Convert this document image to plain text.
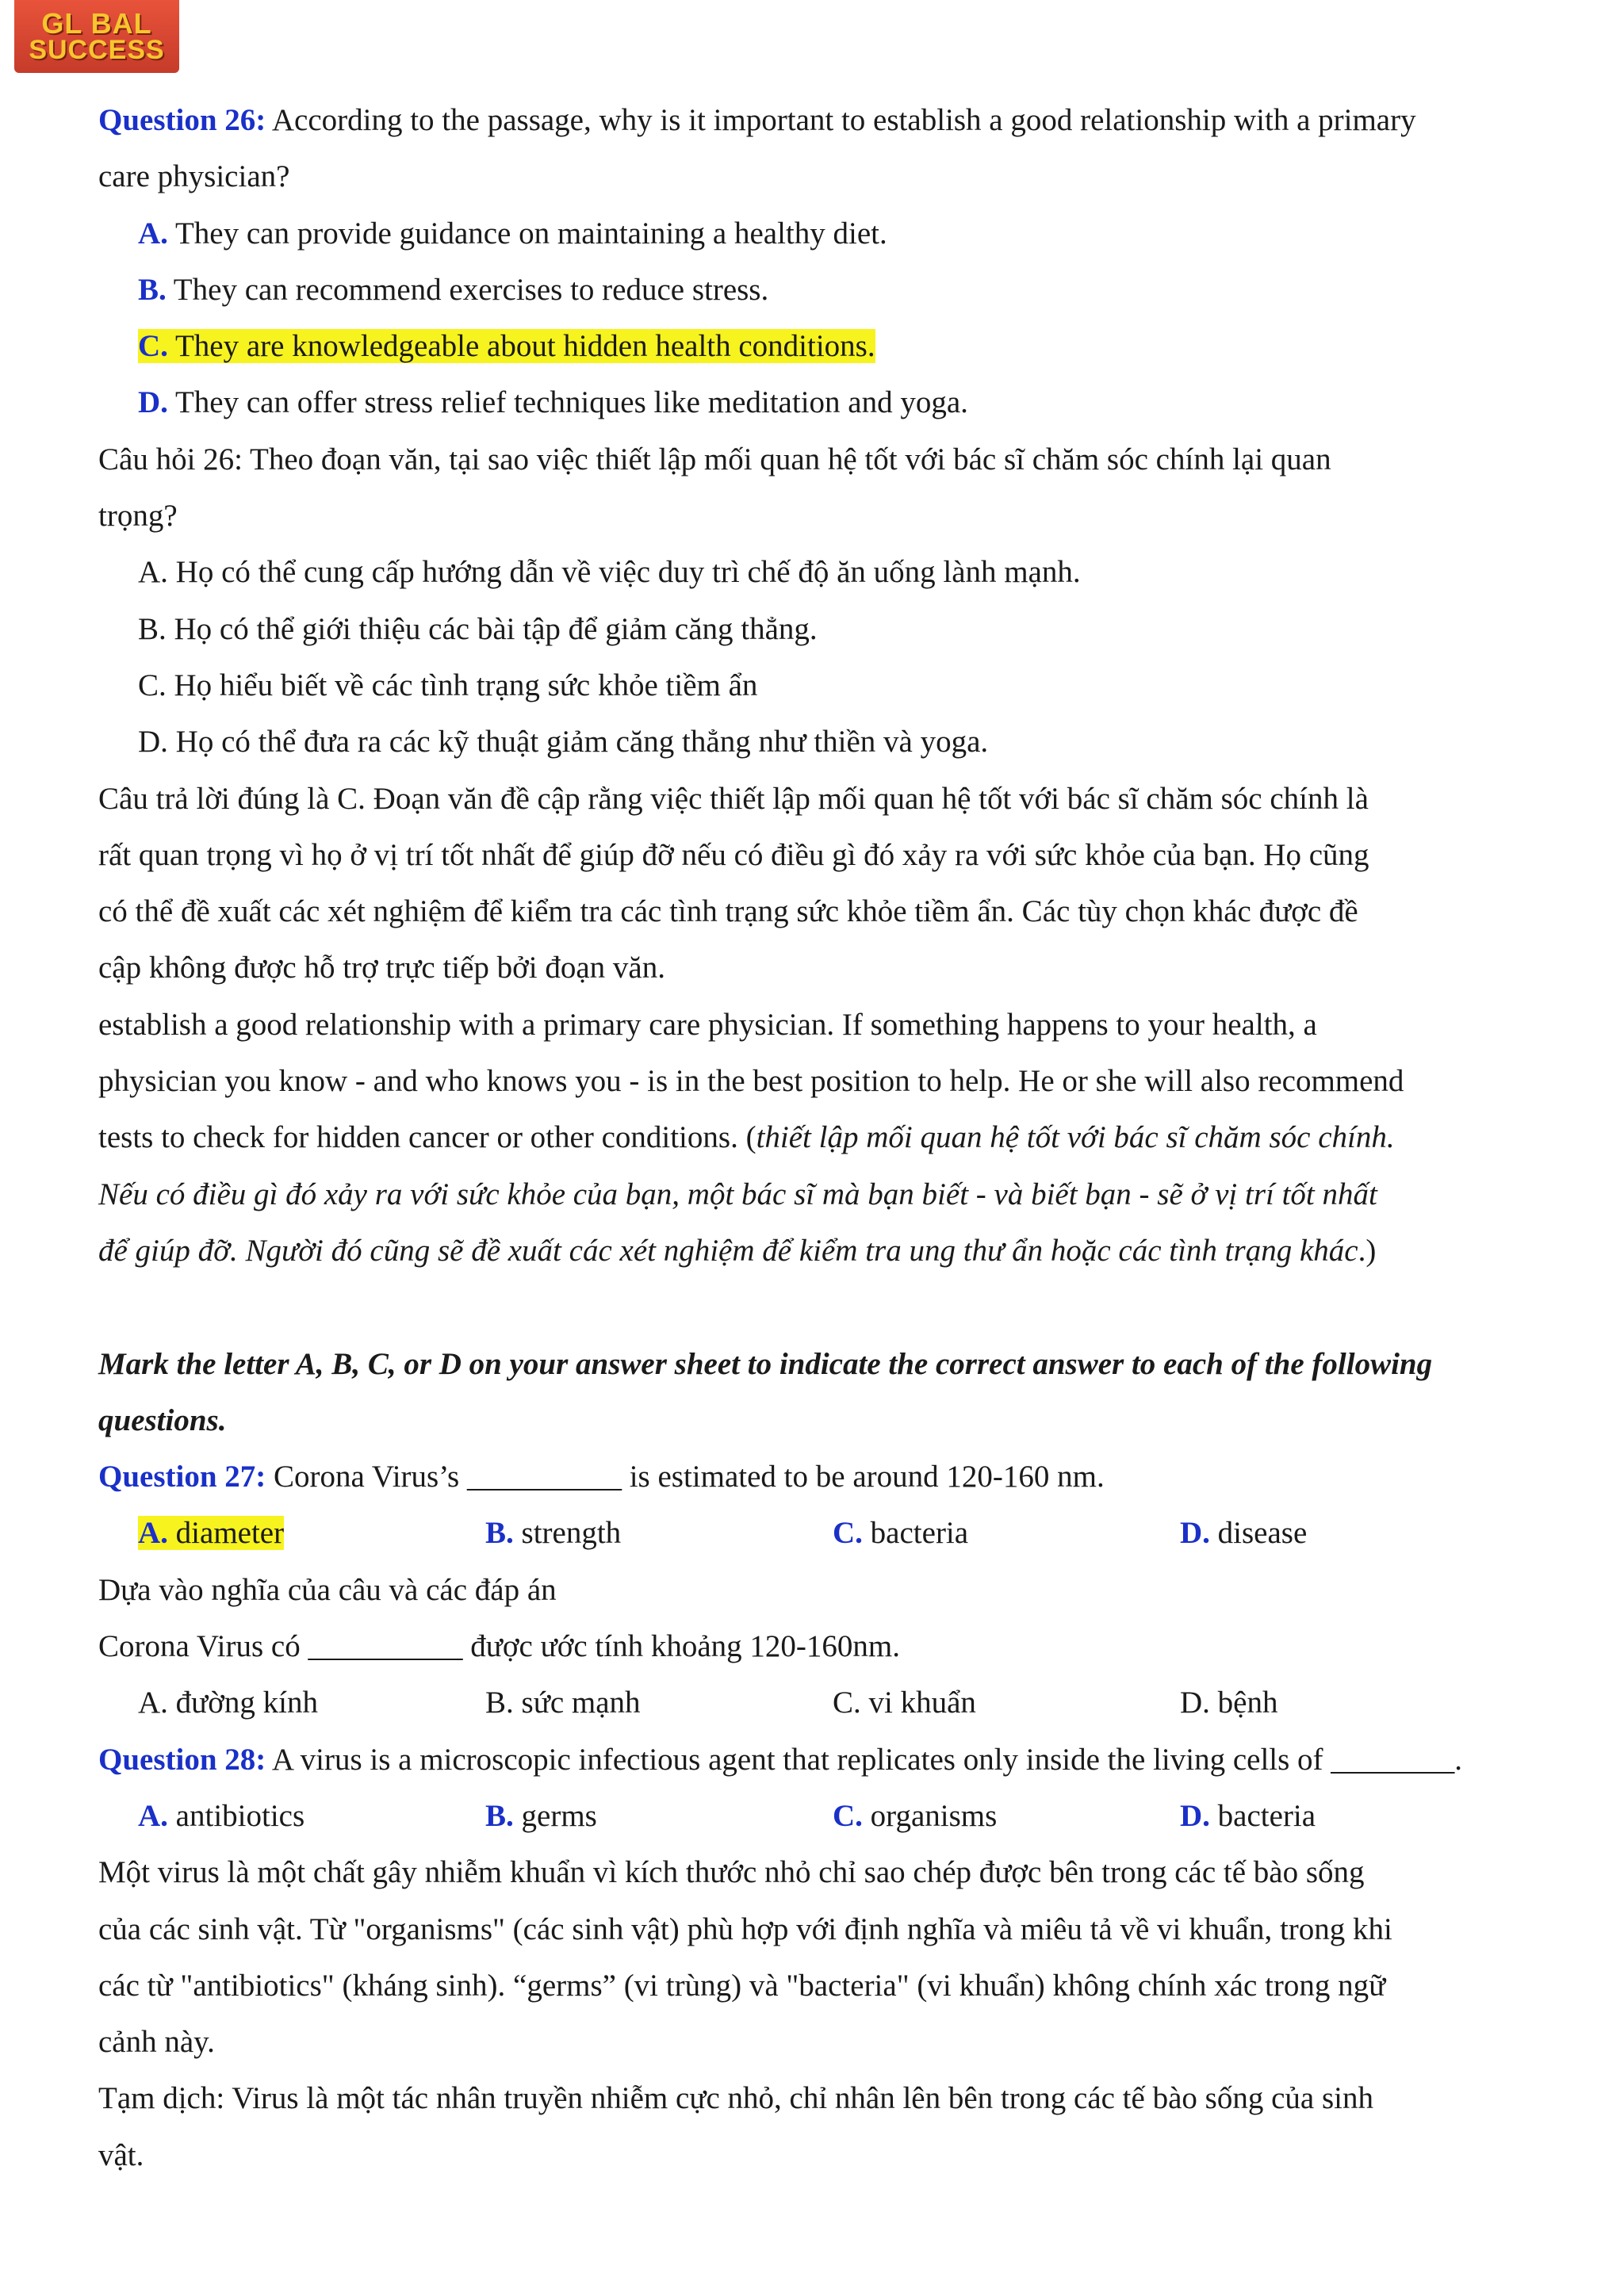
GL BAL
SUCCESS
Question 26: According to the passage, why is it important to establish a good relationship with a primary
care physician?
A. They can provide guidance on maintaining a healthy diet.
B. They can recommend exercises to reduce stress.
C. They are knowledgeable about hidden health conditions.
D. They can offer stress relief techniques like meditation and yoga.
Câu hỏi 26: Theo đoạn văn, tại sao việc thiết lập mối quan hệ tốt với bác sĩ chăm sóc chính lại quan
trọng?
A. Họ có thể cung cấp hướng dẫn về việc duy trì chế độ ăn uống lành mạnh.
B. Họ có thể giới thiệu các bài tập để giảm căng thẳng.
C. Họ hiểu biết về các tình trạng sức khỏe tiềm ẩn
D. Họ có thể đưa ra các kỹ thuật giảm căng thẳng như thiền và yoga.
Câu trả lời đúng là C. Đoạn văn đề cập rằng việc thiết lập mối quan hệ tốt với bác sĩ chăm sóc chính là
rất quan trọng vì họ ở vị trí tốt nhất để giúp đỡ nếu có điều gì đó xảy ra với sức khỏe của bạn. Họ cũng
có thể đề xuất các xét nghiệm để kiểm tra các tình trạng sức khỏe tiềm ẩn. Các tùy chọn khác được đề
cập không được hỗ trợ trực tiếp bởi đoạn văn.
establish a good relationship with a primary care physician. If something happens to your health, a
physician you know - and who knows you - is in the best position to help. He or she will also recommend
tests to check for hidden cancer or other conditions. (thiết lập mối quan hệ tốt với bác sĩ chăm sóc chính.
Nếu có điều gì đó xảy ra với sức khỏe của bạn, một bác sĩ mà bạn biết - và biết bạn - sẽ ở vị trí tốt nhất
để giúp đỡ. Người đó cũng sẽ đề xuất các xét nghiệm để kiểm tra ung thư ẩn hoặc các tình trạng khác.)
Mark the letter A, B, C, or D on your answer sheet to indicate the correct answer to each of the following
questions.
Question 27: Corona Virus’s __________ is estimated to be around 120-160 nm.
A. diameter	B. strength	C. bacteria	D. disease
Dựa vào nghĩa của câu và các đáp án
Corona Virus có __________ được ước tính khoảng 120-160nm.
A. đường kính	B. sức mạnh	C. vi khuẩn	D. bệnh
Question 28: A virus is a microscopic infectious agent that replicates only inside the living cells of ________.
A. antibiotics	B. germs	C. organisms	D. bacteria
Một virus là một chất gây nhiễm khuẩn vì kích thước nhỏ chỉ sao chép được bên trong các tế bào sống
của các sinh vật. Từ "organisms" (các sinh vật) phù hợp với định nghĩa và miêu tả về vi khuẩn, trong khi
các từ "antibiotics" (kháng sinh). “germs” (vi trùng) và "bacteria" (vi khuẩn) không chính xác trong ngữ
cảnh này.
Tạm dịch: Virus là một tác nhân truyền nhiễm cực nhỏ, chỉ nhân lên bên trong các tế bào sống của sinh
vật.
